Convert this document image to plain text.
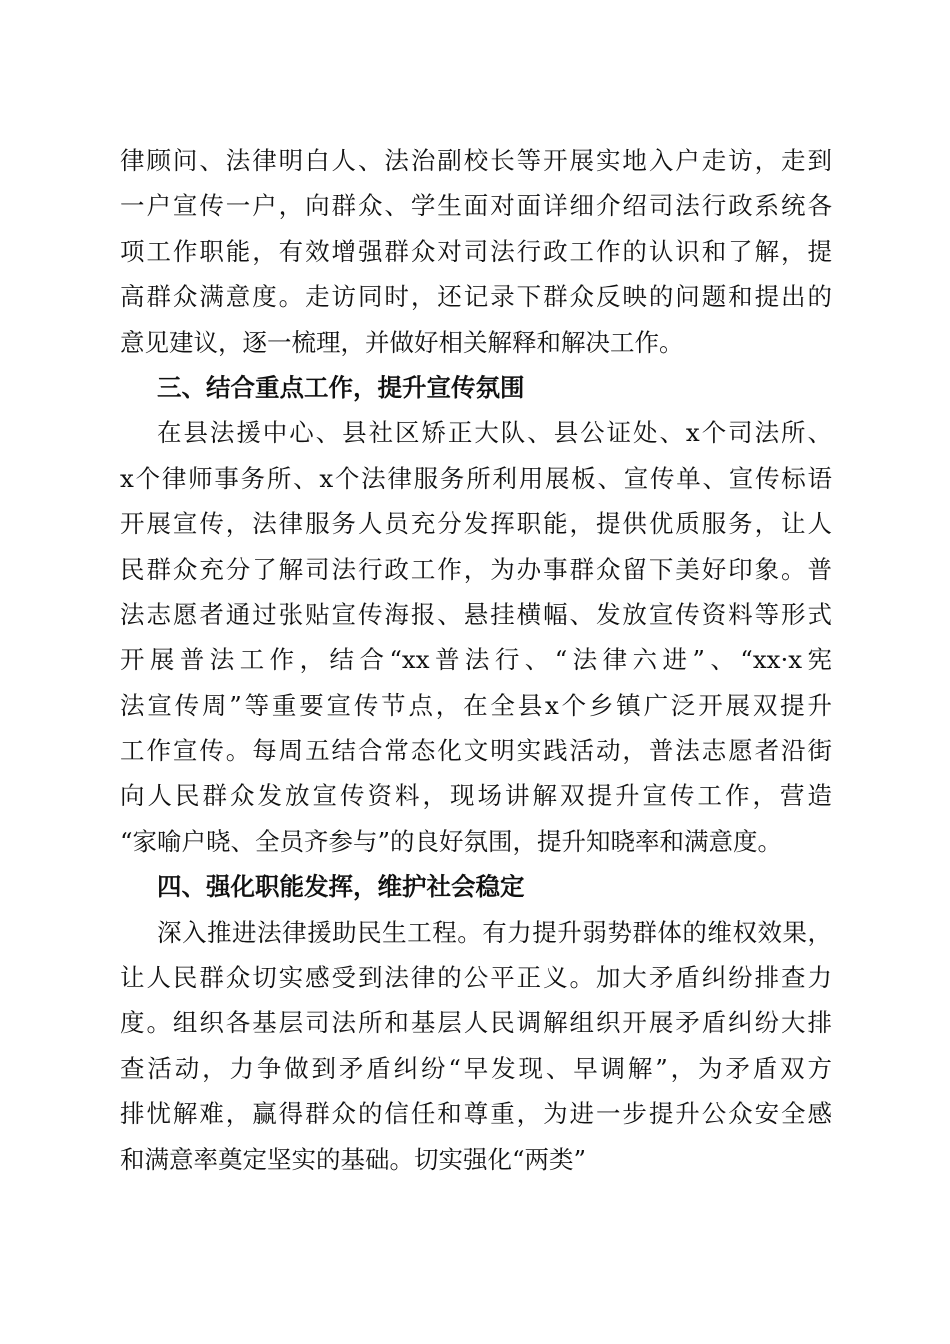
律顾问、法律明白人、法治副校长等开展实地入户走访，走到
一户宣传一户，向群众、学生面对面详细介绍司法行政系统各
项工作职能，有效增强群众对司法行政工作的认识和了解，提
高群众满意度。走访同时，还记录下群众反映的问题和提出的
意见建议，逐一梳理，并做好相关解释和解决工作。
三、结合重点工作，提升宣传氛围
在县法援中心、县社区矫正大队、县公证处、x个司法所、
x个律师事务所、x个法律服务所利用展板、宣传单、宣传标语
开展宣传，法律服务人员充分发挥职能，提供优质服务，让人
民群众充分了解司法行政工作，为办事群众留下美好印象。普
法志愿者通过张贴宣传海报、悬挂横幅、发放宣传资料等形式
开展普法工作，结合“xx普法行、“法律六进”、“xx·x宪
法宣传周”等重要宣传节点，在全县x个乡镇广泛开展双提升
工作宣传。每周五结合常态化文明实践活动，普法志愿者沿街
向人民群众发放宣传资料，现场讲解双提升宣传工作，营造
“家喻户晓、全员齐参与”的良好氛围，提升知晓率和满意度。
四、强化职能发挥，维护社会稳定
深入推进法律援助民生工程。有力提升弱势群体的维权效果，
让人民群众切实感受到法律的公平正义。加大矛盾纠纷排查力
度。组织各基层司法所和基层人民调解组织开展矛盾纠纷大排
查活动，力争做到矛盾纠纷“早发现、早调解”，为矛盾双方
排忧解难，赢得群众的信任和尊重，为进一步提升公众安全感
和满意率奠定坚实的基础。切实强化“两类”
